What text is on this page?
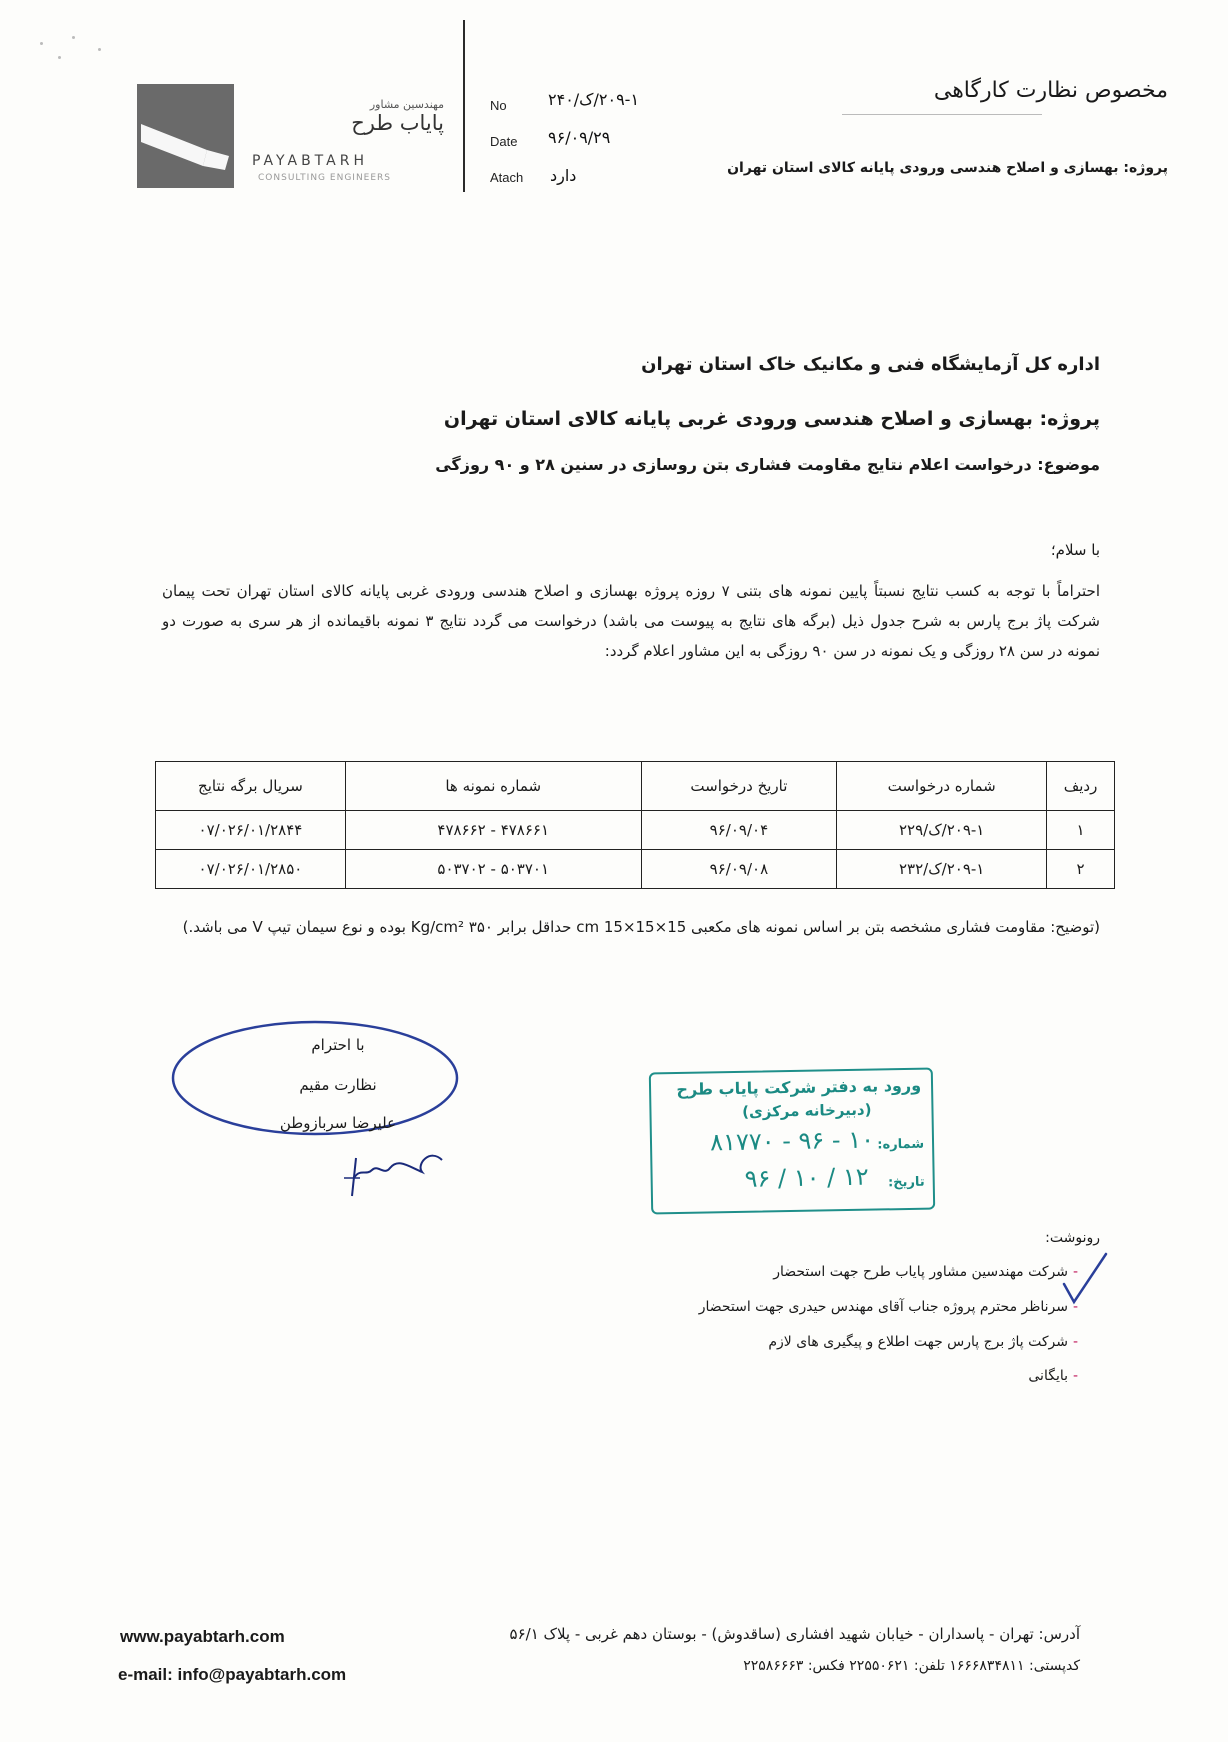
مهندسین مشاور
پایاب طرح
PAYABTARH
CONSULTING ENGINEERS
No	۲۰۹-۱/ک/۲۴۰
Date ۹۶/۰۹/۲۹
Atach دارد
مخصوص نظارت کارگاهی
پروژه: بهسازی و اصلاح هندسی ورودی پایانه کالای استان تهران
اداره کل آزمایشگاه فنی و مکانیک خاک استان تهران
پروژه: بهسازی و اصلاح هندسی ورودی غربی پایانه کالای استان تهران
موضوع: درخواست اعلام نتایج مقاومت فشاری بتن روسازی در سنین ۲۸ و ۹۰ روزگی
با سلام؛
احتراماً با توجه به کسب نتایج نسبتاً پایین نمونه های بتنی ۷ روزه پروژه بهسازی و اصلاح هندسی ورودی غربی پایانه کالای استان تهران تحت پیمان شرکت پاژ برج پارس به شرح جدول ذیل (برگه های نتایج به پیوست می باشد) درخواست می گردد نتایج ۳ نمونه باقیمانده از هر سری به صورت دو نمونه در سن ۲۸ روزگی و یک نمونه در سن ۹۰ روزگی به این مشاور اعلام گردد:
ردیف	شماره درخواست	تاریخ درخواست	شماره نمونه ها	سریال برگه نتایج
۱	۲۰۹-۱/ک/۲۲۹	۹۶/۰۹/۰۴	۴۷۸۶۶۱ - ۴۷۸۶۶۲	۰۷/۰۲۶/۰۱/۲۸۴۴
۲	۲۰۹-۱/ک/۲۳۲	۹۶/۰۹/۰۸	۵۰۳۷۰۱ - ۵۰۳۷۰۲	۰۷/۰۲۶/۰۱/۲۸۵۰
(توضیح: مقاومت فشاری مشخصه بتن بر اساس نمونه های مکعبی 15×15×15 cm حداقل برابر Kg/cm² ۳۵۰ بوده و نوع سیمان تیپ V می باشد.)
با احترام
نظارت مقیم
علیرضا سربازوطن
ورود به دفتر شرکت پایاب طرح
(دبیرخانه مرکزی)
شماره:
۸۱۷۷۰ - ۹۶ - ۱۰
تاریخ:
۹۶ / ۱۰ / ۱۲
رونوشت:
-
شرکت مهندسین مشاور پایاب طرح جهت استحضار
-
سرناظر محترم پروژه جناب آقای مهندس حیدری جهت استحضار
-
شرکت پاژ برج پارس جهت اطلاع و پیگیری های لازم
-
بایگانی
آدرس: تهران - پاسداران - خیابان شهید افشاری (ساقدوش) - بوستان دهم غربی - پلاک ۵۶/۱
کدپستی: ۱۶۶۶۸۳۴۸۱۱ تلفن: ۲۲۵۵۰۶۲۱ فکس: ۲۲۵۸۶۶۶۳
www.payabtarh.com
e-mail: info@payabtarh.com
